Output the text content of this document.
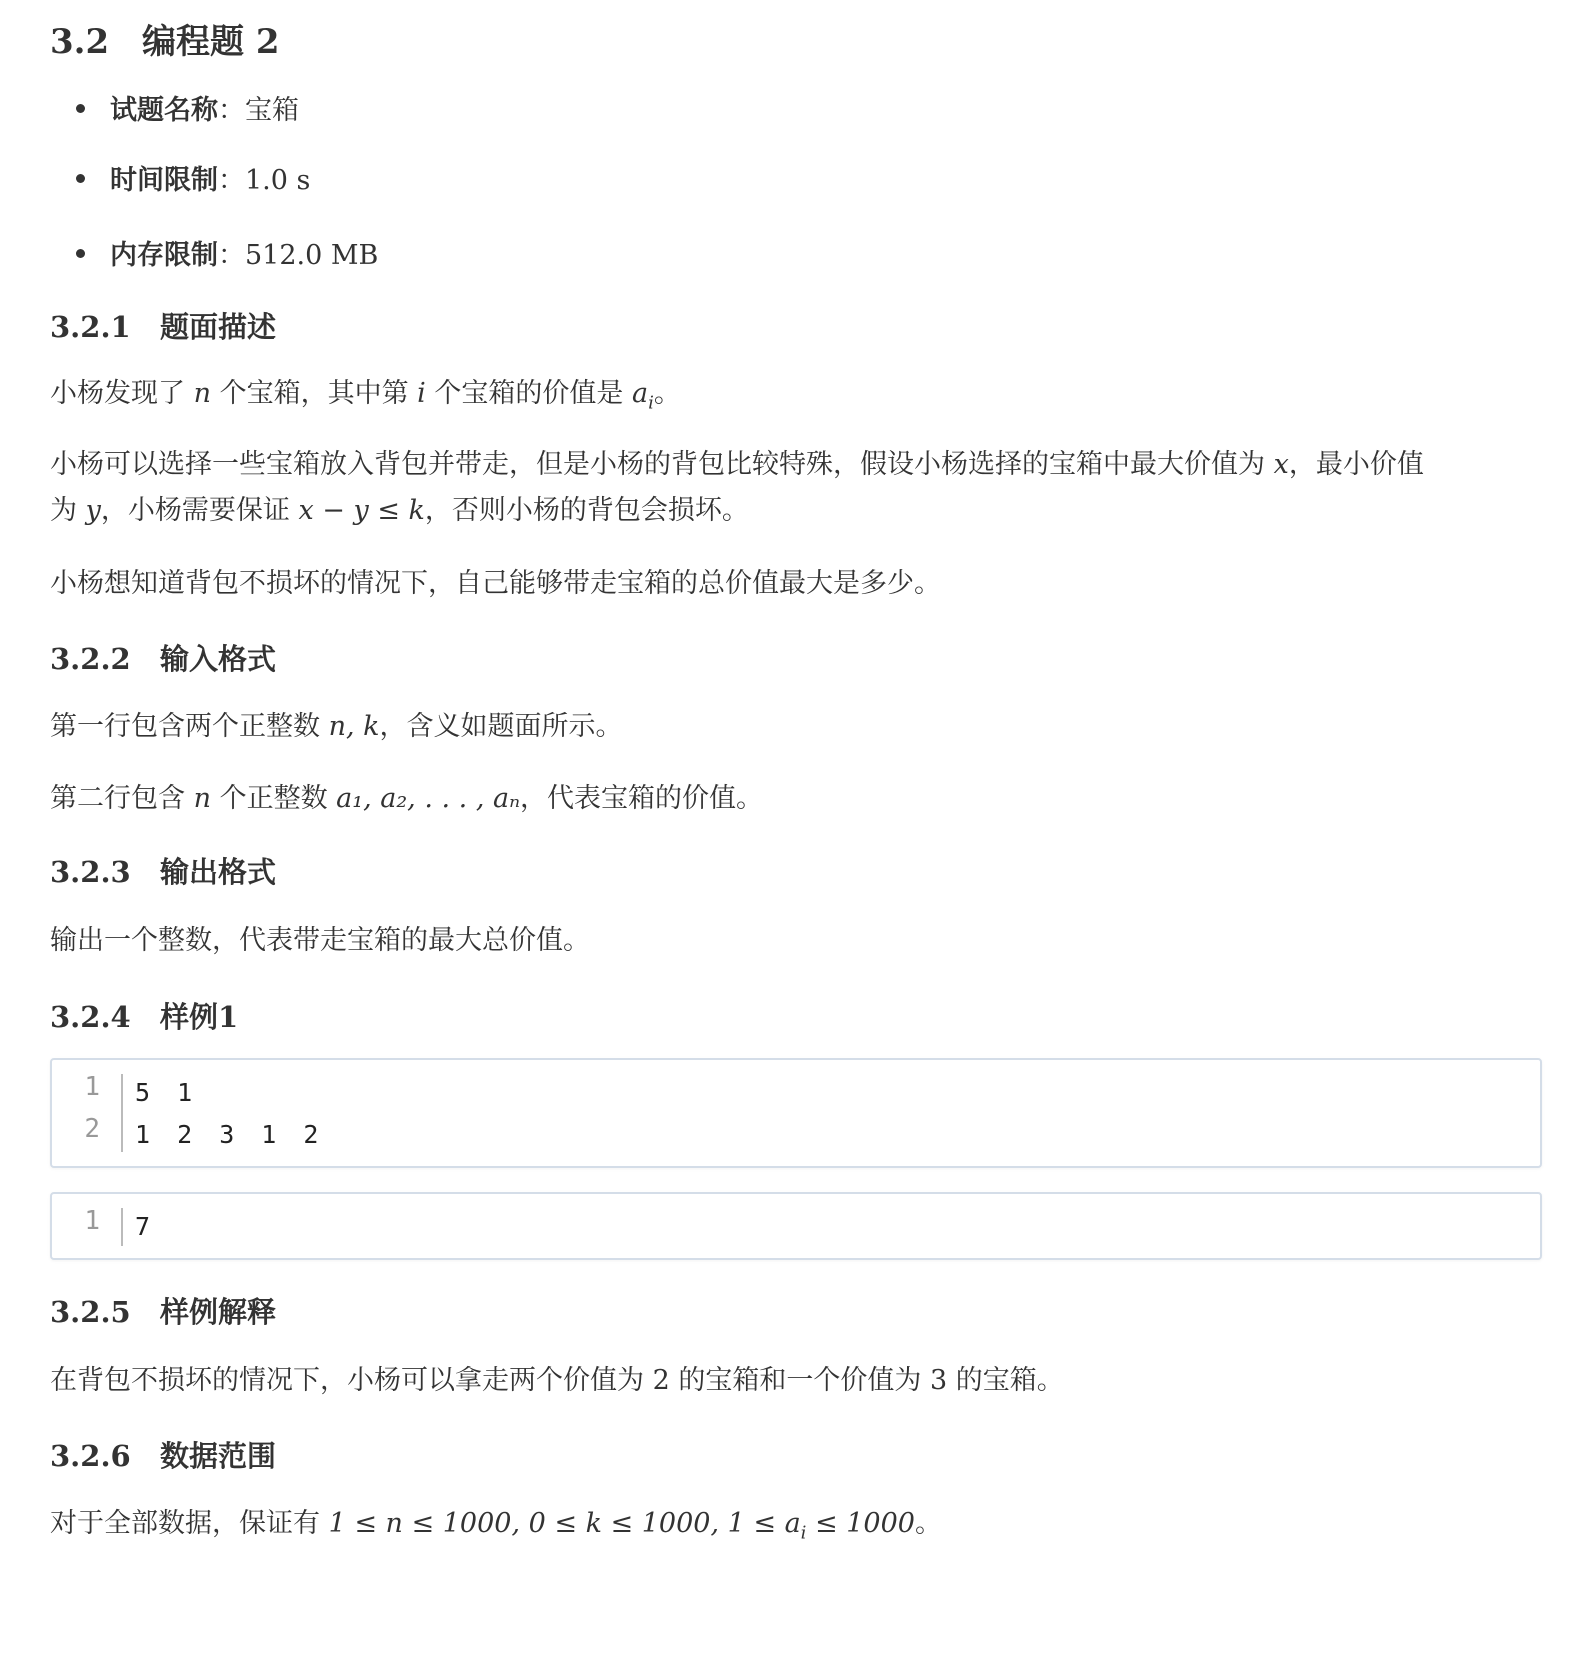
3.2 编程题 2
试题名称：宝箱
时间限制：1.0 s
内存限制：512.0 MB
3.2.1 题面描述

小杨发现了 n 个宝箱，其中第 i 个宝箱的价值是 $a_i$。

小杨可以选择一些宝箱放入背包并带走，但是小杨的背包比较特殊，假设小杨选择的宝箱中最大价值为 x，最小价值

为 y，小杨需要保证 x − y ≤ k，否则小杨的背包会损坏。

小杨想知道背包不损坏的情况下，自己能够带走宝箱的总价值最大是多少。

3.2.2 输入格式

第一行包含两个正整数 n, k，含义如题面所示。

第二行包含 n 个正整数 a₁, a₂, . . . , aₙ，代表宝箱的价值。

3.2.3 输出格式

输出一个整数，代表带走宝箱的最大总价值。

3.2.4 样例1
1 5 1
2 1 2 3 1 2
1 7
3.2.5 样例解释

在背包不损坏的情况下，小杨可以拿走两个价值为 2 的宝箱和一个价值为 3 的宝箱。

3.2.6 数据范围

对于全部数据，保证有 1 ≤ n ≤ 1000, 0 ≤ k ≤ 1000, $1 \le a_i \le 1000$。
